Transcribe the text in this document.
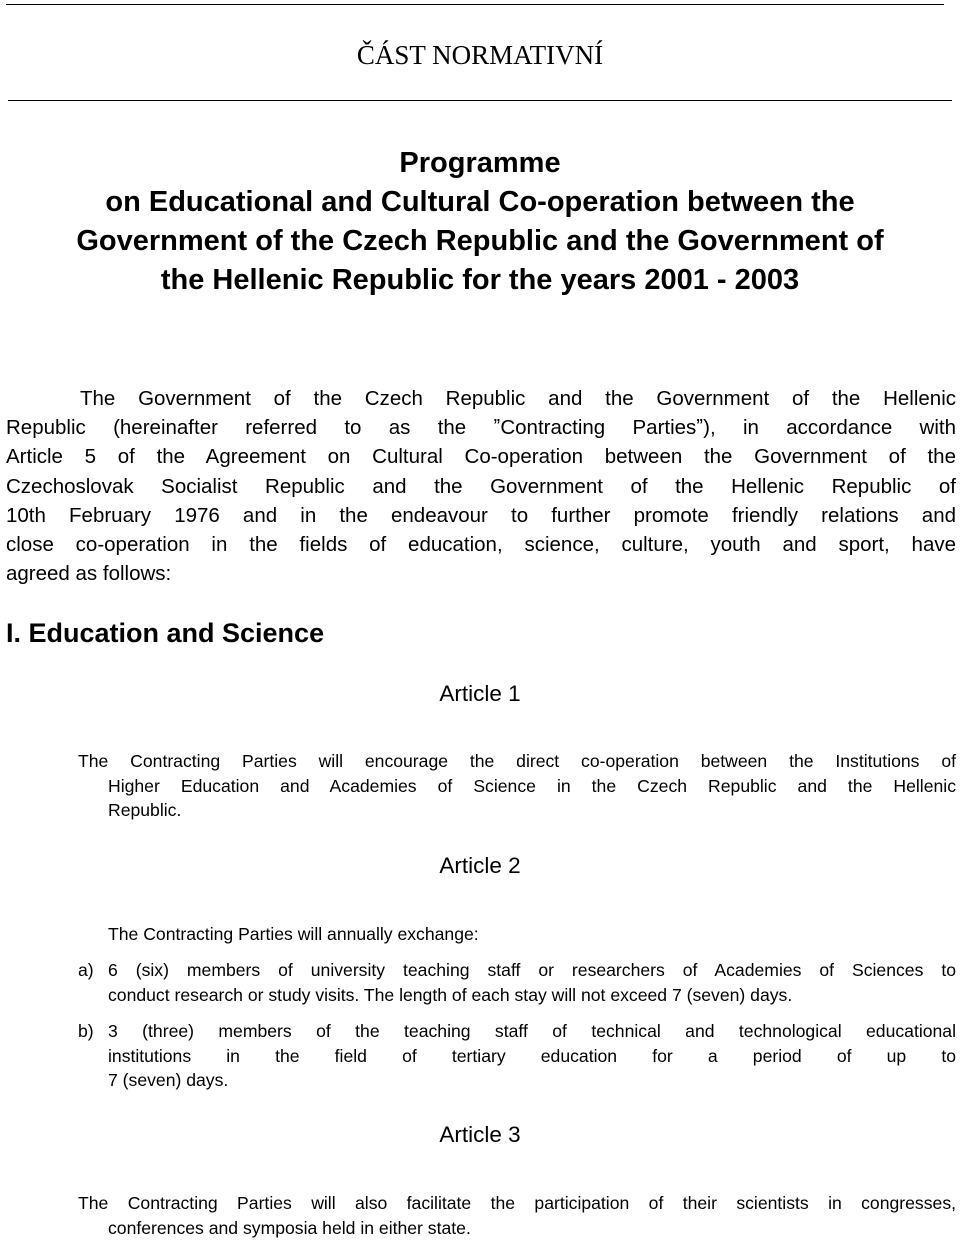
ČÁST NORMATIVNÍ
Programme
on Educational and Cultural Co-operation between the
Government of the Czech Republic and the Government of
the Hellenic Republic for the years 2001 - 2003
The Government of the Czech Republic and the Government of the Hellenic
Republic (hereinafter referred to as the ˮContracting Partiesˮ), in accordance with
Article 5 of the Agreement on Cultural Co-operation between the Government of the
Czechoslovak Socialist Republic and the Government of the Hellenic Republic of
10th February 1976 and in the endeavour to further promote friendly relations and
close co-operation in the fields of education, science, culture, youth and sport, have
agreed as follows:
I. Education and Science
Article 1
The Contracting Parties will encourage the direct co-operation between the Institutions of
Higher Education and Academies of Science in the Czech Republic and the Hellenic
Republic.
Article 2
The Contracting Parties will annually exchange:
a) 6 (six) members of university teaching staff or researchers of Academies of Sciences to
conduct research or study visits. The length of each stay will not exceed 7 (seven) days.
b) 3 (three) members of the teaching staff of technical and technological educational
institutions in the field of tertiary education for a period of up to
7 (seven) days.
Article 3
The Contracting Parties will also facilitate the participation of their scientists in congresses,
conferences and symposia held in either state.
